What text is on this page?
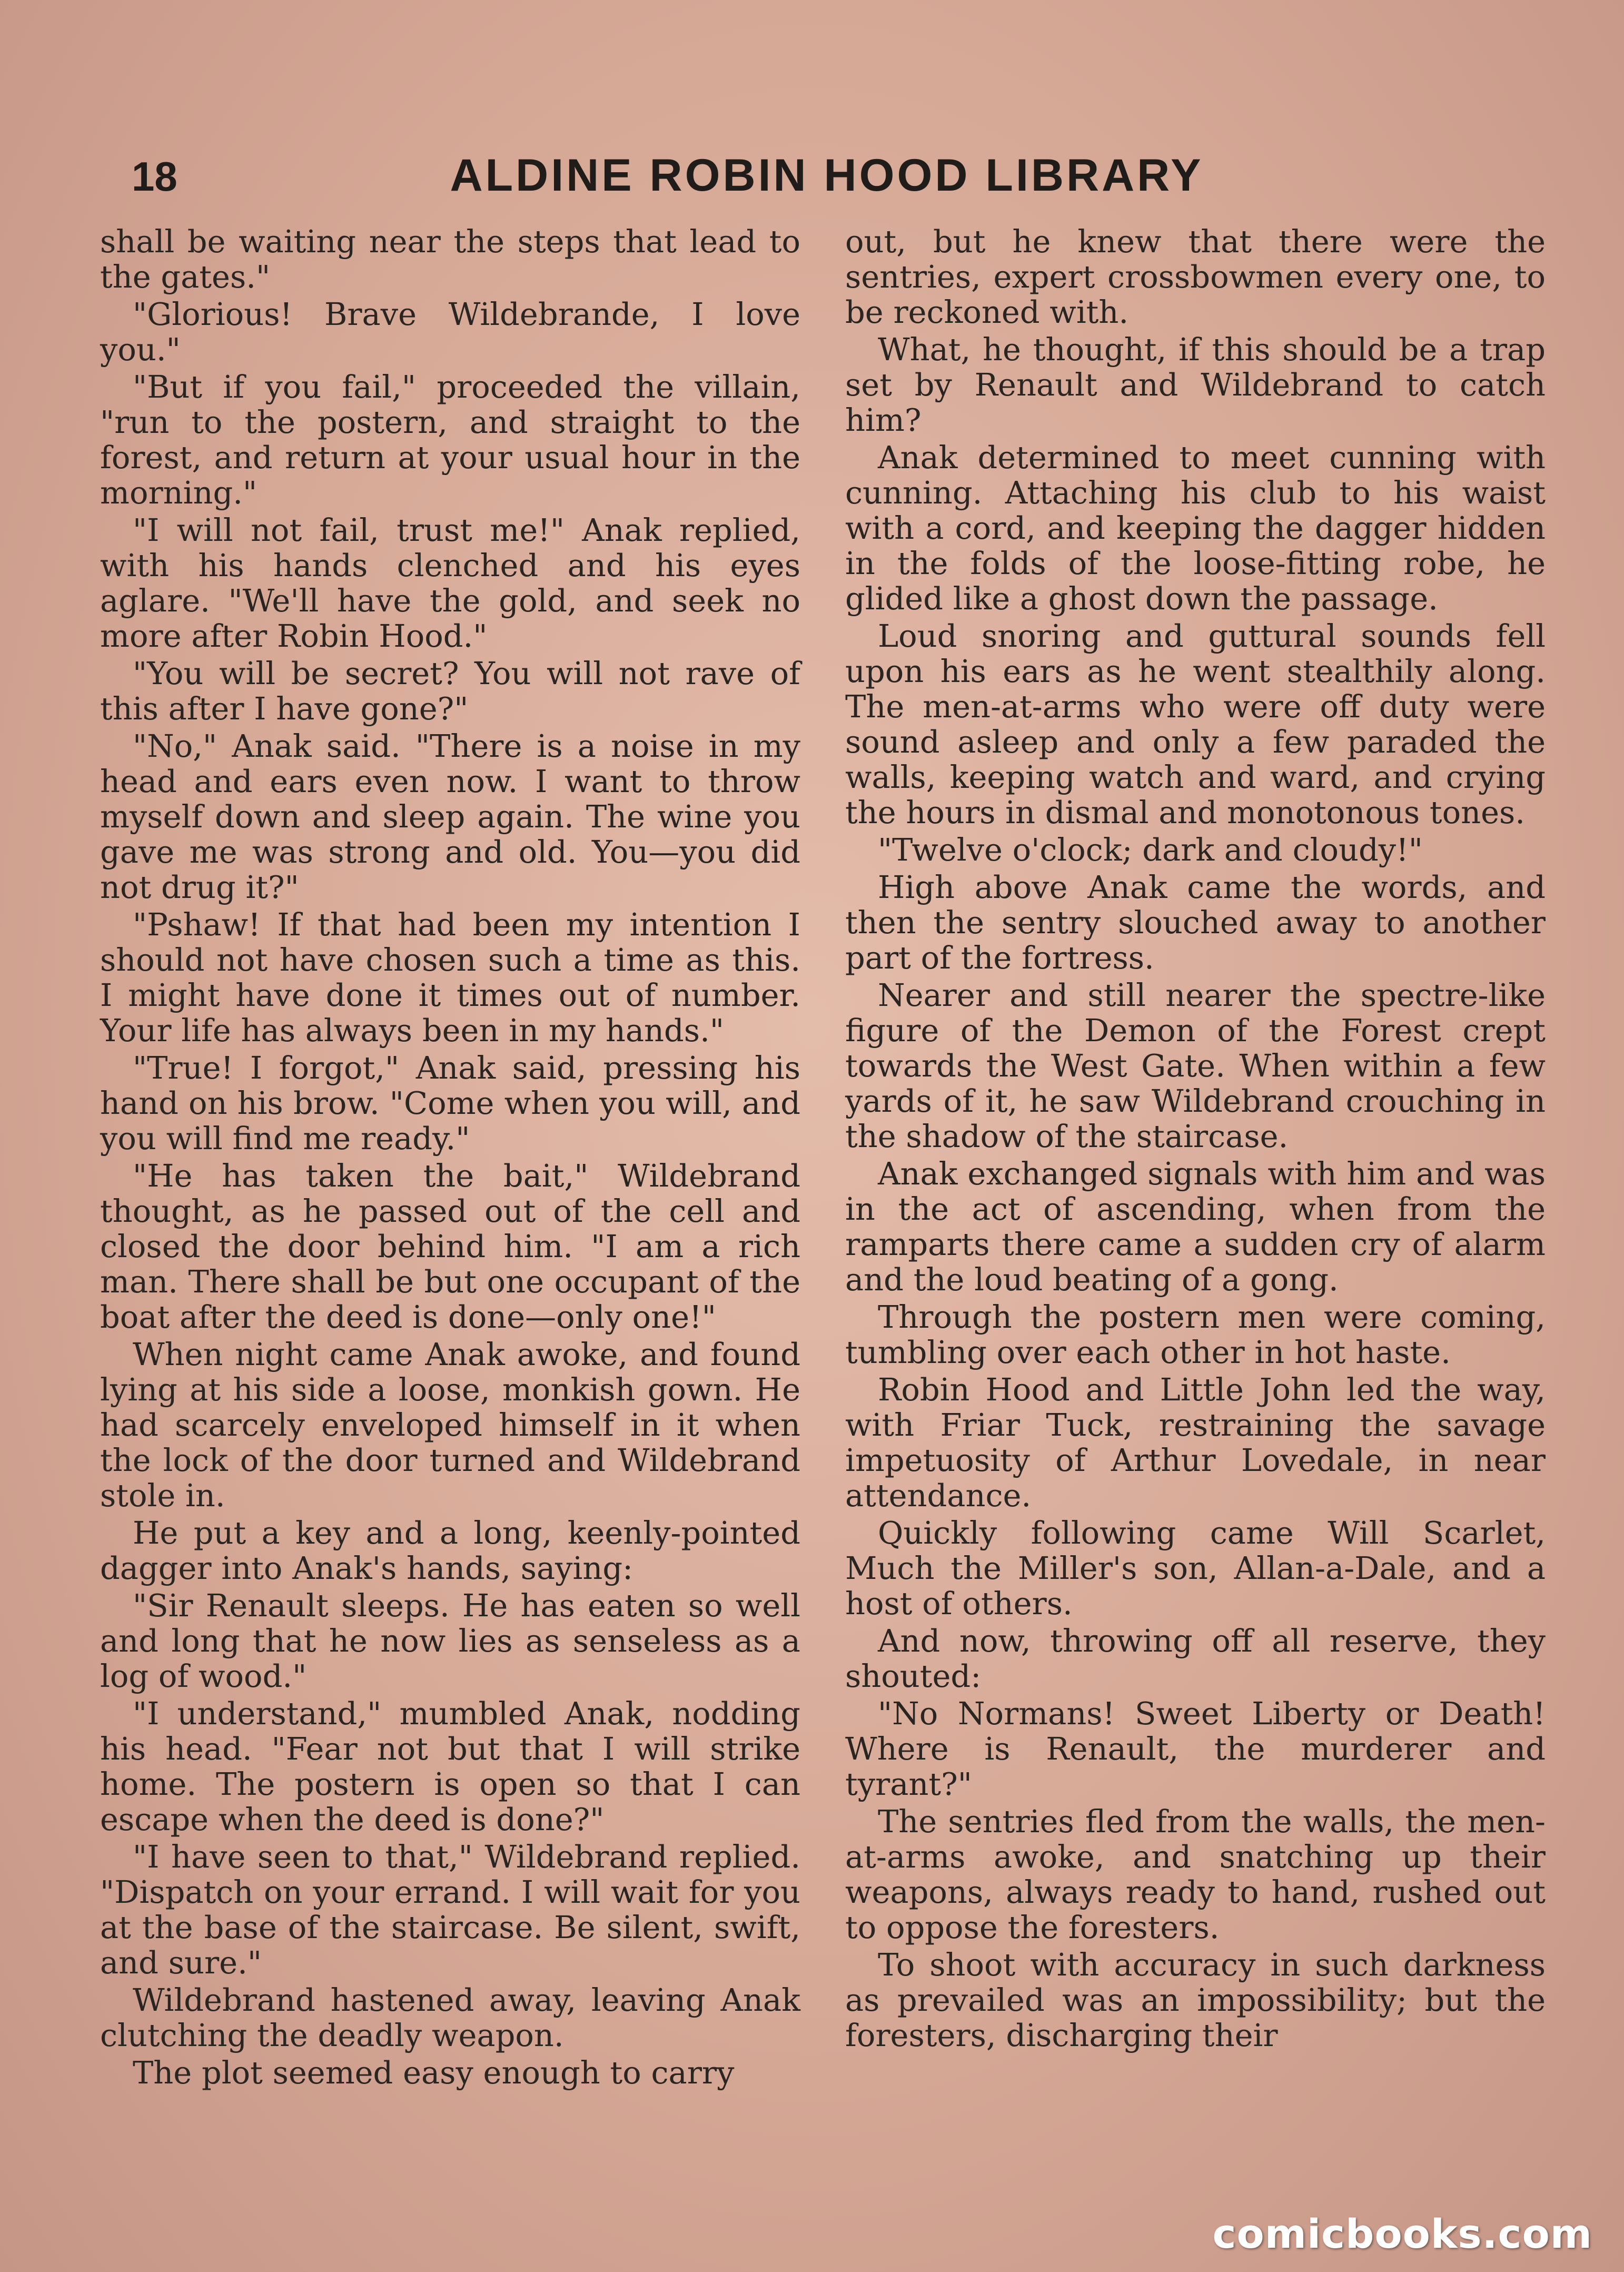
18	ALDINE ROBIN HOOD LIBRARY

shall be waiting near the steps that lead to the gates."

"Glorious! Brave Wildebrande, I love you."

"But if you fail," proceeded the villain, "run to the postern, and straight to the forest, and return at your usual hour in the morning."

"I will not fail, trust me!" Anak replied, with his hands clenched and his eyes aglare. "We'll have the gold, and seek no more after Robin Hood."

"You will be secret? You will not rave of this after I have gone?"

"No," Anak said. "There is a noise in my head and ears even now. I want to throw myself down and sleep again. The wine you gave me was strong and old. You—you did not drug it?"

"Pshaw! If that had been my intention I should not have chosen such a time as this. I might have done it times out of number. Your life has always been in my hands."

"True! I forgot," Anak said, pressing his hand on his brow. "Come when you will, and you will find me ready."

"He has taken the bait," Wildebrand thought, as he passed out of the cell and closed the door behind him. "I am a rich man. There shall be but one occupant of the boat after the deed is done—only one!"

When night came Anak awoke, and found lying at his side a loose, monkish gown. He had scarcely enveloped himself in it when the lock of the door turned and Wildebrand stole in.

He put a key and a long, keenly-pointed dagger into Anak's hands, saying:

"Sir Renault sleeps. He has eaten so well and long that he now lies as senseless as a log of wood."

"I understand," mumbled Anak, nodding his head. "Fear not but that I will strike home. The postern is open so that I can escape when the deed is done?"

"I have seen to that," Wildebrand replied. "Dispatch on your errand. I will wait for you at the base of the staircase. Be silent, swift, and sure."

Wildebrand hastened away, leaving Anak clutching the deadly weapon.

The plot seemed easy enough to carry

out, but he knew that there were the sentries, expert crossbowmen every one, to be reckoned with.

What, he thought, if this should be a trap set by Renault and Wildebrand to catch him?

Anak determined to meet cunning with cunning. Attaching his club to his waist with a cord, and keeping the dagger hidden in the folds of the loose-fitting robe, he glided like a ghost down the passage.

Loud snoring and guttural sounds fell upon his ears as he went stealthily along. The men-at-arms who were off duty were sound asleep and only a few paraded the walls, keeping watch and ward, and crying the hours in dismal and monotonous tones.

"Twelve o'clock; dark and cloudy!"

High above Anak came the words, and then the sentry slouched away to another part of the fortress.

Nearer and still nearer the spectre-like figure of the Demon of the Forest crept towards the West Gate. When within a few yards of it, he saw Wildebrand crouching in the shadow of the staircase.

Anak exchanged signals with him and was in the act of ascending, when from the ramparts there came a sudden cry of alarm and the loud beating of a gong.

Through the postern men were coming, tumbling over each other in hot haste.

Robin Hood and Little John led the way, with Friar Tuck, restraining the savage impetuosity of Arthur Lovedale, in near attendance.

Quickly following came Will Scarlet, Much the Miller's son, Allan-a-Dale, and a host of others.

And now, throwing off all reserve, they shouted:

"No Normans! Sweet Liberty or Death! Where is Renault, the murderer and tyrant?"

The sentries fled from the walls, the men-at-arms awoke, and snatching up their weapons, always ready to hand, rushed out to oppose the foresters.

To shoot with accuracy in such darkness as prevailed was an impossibility; but the foresters, discharging their

comicbooks.com
